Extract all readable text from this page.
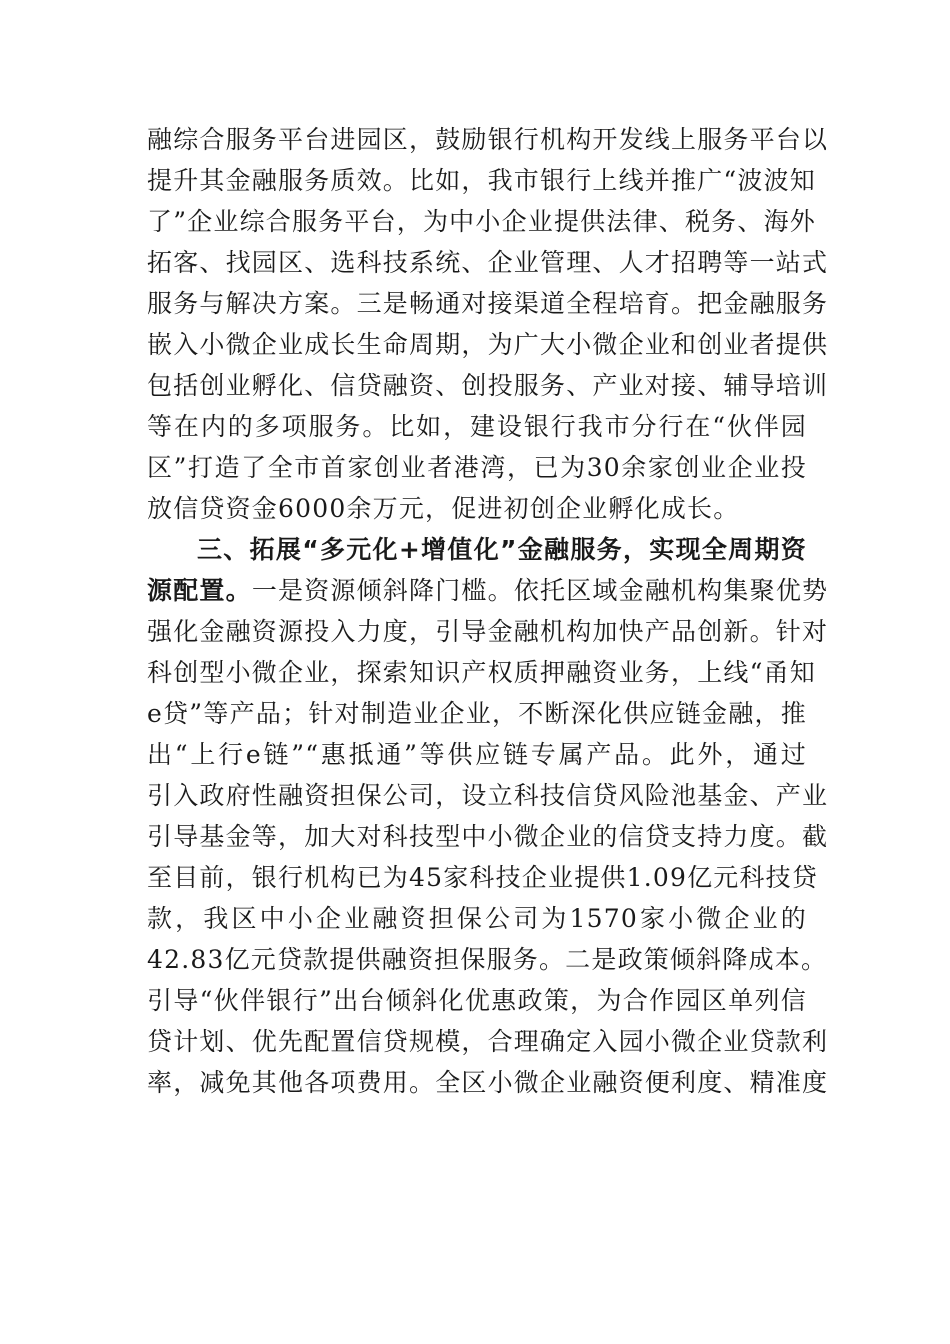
融综合服务平台进园区，鼓励银行机构开发线上服务平台以
提升其金融服务质效。比如，我市银行上线并推广“波波知
了”企业综合服务平台，为中小企业提供法律、税务、海外
拓客、找园区、选科技系统、企业管理、人才招聘等一站式
服务与解决方案。三是畅通对接渠道全程培育。把金融服务
嵌入小微企业成长生命周期，为广大小微企业和创业者提供
包括创业孵化、信贷融资、创投服务、产业对接、辅导培训
等在内的多项服务。比如，建设银行我市分行在“伙伴园
区”打造了全市首家创业者港湾，已为30余家创业企业投
放信贷资金6000余万元，促进初创企业孵化成长。
三、拓展“多元化+增值化”金融服务，实现全周期资
源配置。一是资源倾斜降门槛。依托区域金融机构集聚优势
强化金融资源投入力度，引导金融机构加快产品创新。针对
科创型小微企业，探索知识产权质押融资业务，上线“甬知
e贷”等产品；针对制造业企业，不断深化供应链金融，推
出“上行e链”“惠抵通”等供应链专属产品。此外，通过
引入政府性融资担保公司，设立科技信贷风险池基金、产业
引导基金等，加大对科技型中小微企业的信贷支持力度。截
至目前，银行机构已为45家科技企业提供1.09亿元科技贷
款，我区中小企业融资担保公司为1570家小微企业的
42.83亿元贷款提供融资担保服务。二是政策倾斜降成本。
引导“伙伴银行”出台倾斜化优惠政策，为合作园区单列信
贷计划、优先配置信贷规模，合理确定入园小微企业贷款利
率，减免其他各项费用。全区小微企业融资便利度、精准度
